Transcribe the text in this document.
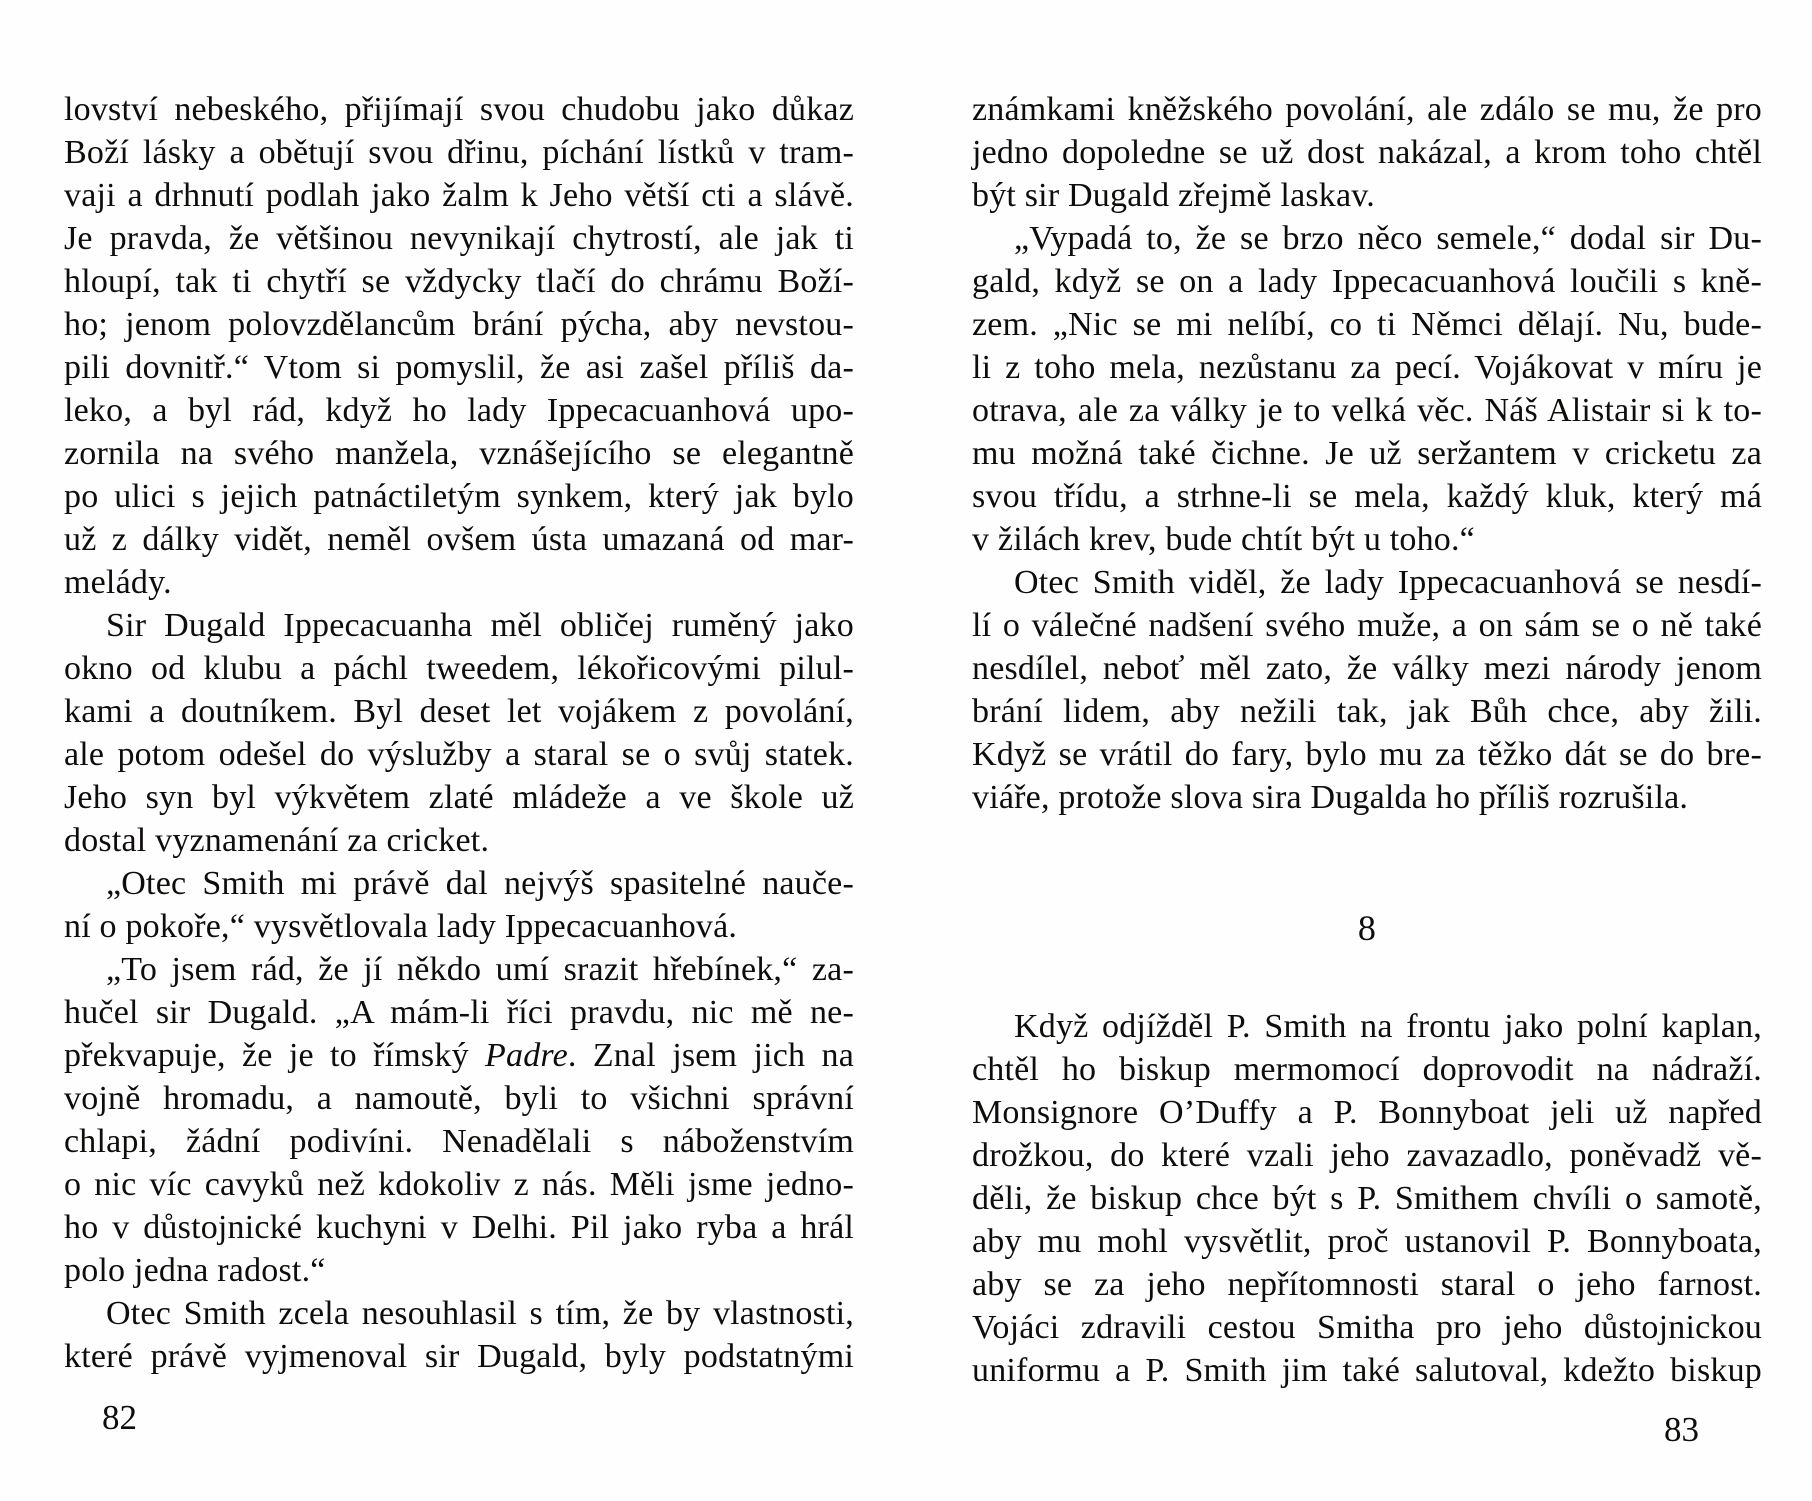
lovství nebeského, přijímají svou chudobu jako důkaz
Boží lásky a obětují svou dřinu, píchání lístků v tram-
vaji a drhnutí podlah jako žalm k Jeho větší cti a slávě.
Je pravda, že většinou nevynikají chytrostí, ale jak ti
hloupí, tak ti chytří se vždycky tlačí do chrámu Boží-
ho; jenom polovzdělancům brání pýcha, aby nevstou-
pili dovnitř.“ Vtom si pomyslil, že asi zašel příliš da-
leko, a byl rád, když ho lady Ippecacuanhová upo-
zornila na svého manžela, vznášejícího se elegantně
po ulici s jejich patnáctiletým synkem, který jak bylo
už z dálky vidět, neměl ovšem ústa umazaná od mar-
melády.
Sir Dugald Ippecacuanha měl obličej ruměný jako
okno od klubu a páchl tweedem, lékořicovými pilul-
kami a doutníkem. Byl deset let vojákem z povolání,
ale potom odešel do výslužby a staral se o svůj statek.
Jeho syn byl výkvětem zlaté mládeže a ve škole už
dostal vyznamenání za cricket.
„Otec Smith mi právě dal nejvýš spasitelné nauče-
ní o pokoře,“ vysvětlovala lady Ippecacuanhová.
„To jsem rád, že jí někdo umí srazit hřebínek,“ za-
hučel sir Dugald. „A mám-li říci pravdu, nic mě ne-
překvapuje, že je to římský Padre. Znal jsem jich na
vojně hromadu, a namoutě, byli to všichni správní
chlapi, žádní podivíni. Nenadělali s náboženstvím
o nic víc cavyků než kdokoliv z nás. Měli jsme jedno-
ho v důstojnické kuchyni v Delhi. Pil jako ryba a hrál
polo jedna radost.“
Otec Smith zcela nesouhlasil s tím, že by vlastnosti,
které právě vyjmenoval sir Dugald, byly podstatnými
známkami kněžského povolání, ale zdálo se mu, že pro
jedno dopoledne se už dost nakázal, a krom toho chtěl
být sir Dugald zřejmě laskav.
„Vypadá to, že se brzo něco semele,“ dodal sir Du-
gald, když se on a lady Ippecacuanhová loučili s kně-
zem. „Nic se mi nelíbí, co ti Němci dělají. Nu, bude-
li z toho mela, nezůstanu za pecí. Vojákovat v míru je
otrava, ale za války je to velká věc. Náš Alistair si k to-
mu možná také čichne. Je už seržantem v cricketu za
svou třídu, a strhne-li se mela, každý kluk, který má
v žilách krev, bude chtít být u toho.“
Otec Smith viděl, že lady Ippecacuanhová se nesdí-
lí o válečné nadšení svého muže, a on sám se o ně také
nesdílel, neboť měl zato, že války mezi národy jenom
brání lidem, aby nežili tak, jak Bůh chce, aby žili.
Když se vrátil do fary, bylo mu za těžko dát se do bre-
viáře, protože slova sira Dugalda ho příliš rozrušila.
8
Když odjížděl P. Smith na frontu jako polní kaplan,
chtěl ho biskup mermomocí doprovodit na nádraží.
Monsignore O’Duffy a P. Bonnyboat jeli už napřed
drožkou, do které vzali jeho zavazadlo, poněvadž vě-
děli, že biskup chce být s P. Smithem chvíli o samotě,
aby mu mohl vysvětlit, proč ustanovil P. Bonnyboata,
aby se za jeho nepřítomnosti staral o jeho farnost.
Vojáci zdravili cestou Smitha pro jeho důstojnickou
uniformu a P. Smith jim také salutoval, kdežto biskup
82	83
